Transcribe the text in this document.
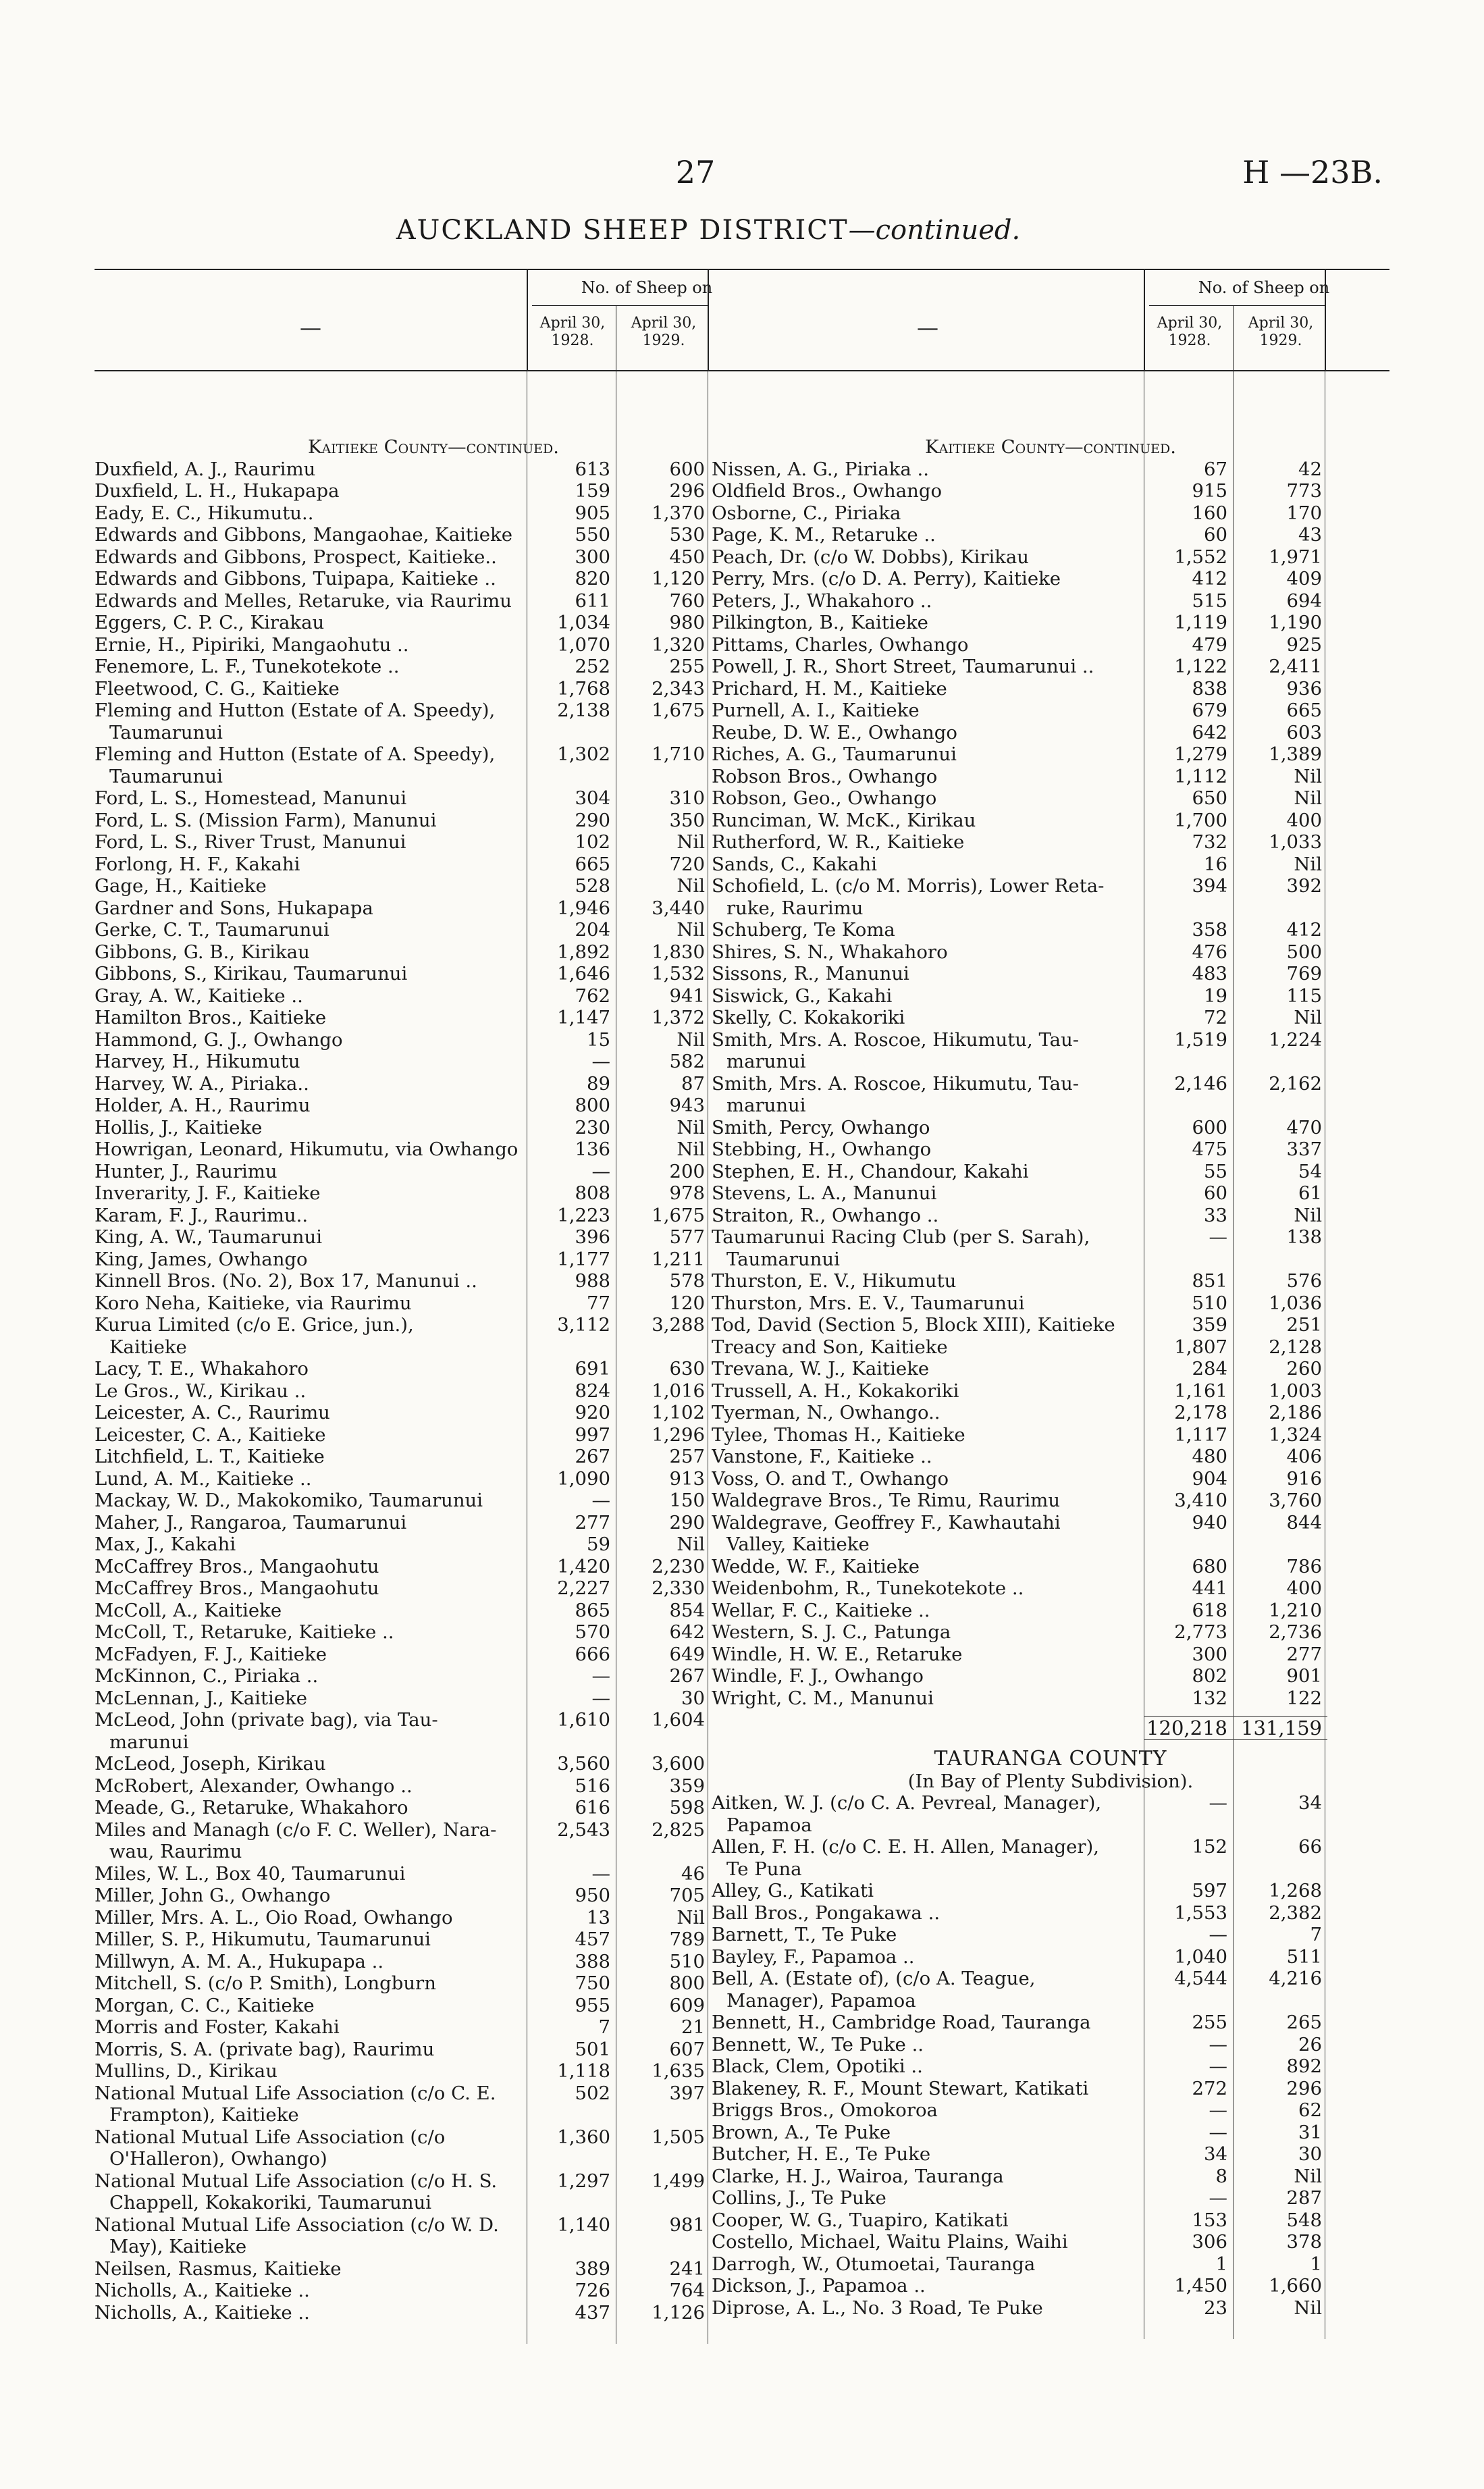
27	H —23B.
AUCKLAND SHEEP DISTRICT—continued.
—
No. of Sheep on
April 30, 1928.
April 30, 1929.
Kaitieke County—continued.
Duxfield, A. J., Raurimu	613	600
Duxfield, L. H., Hukapapa	159	296
Eady, E. C., Hikumutu..	905	1,370
Edwards and Gibbons, Mangaohae, Kaitieke	550	530
Edwards and Gibbons, Prospect, Kaitieke..	300	450
Edwards and Gibbons, Tuipapa, Kaitieke ..	820	1,120
Edwards and Melles, Retaruke, via Raurimu	611	760
Eggers, C. P. C., Kirakau	1,034	980
Ernie, H., Pipiriki, Mangaohutu ..	1,070	1,320
Fenemore, L. F., Tunekotekote ..	252	255
Fleetwood, C. G., Kaitieke	1,768	2,343
Fleming and Hutton (Estate of A. Speedy),	2,138	1,675
Taumarunui
Fleming and Hutton (Estate of A. Speedy),	1,302	1,710
Taumarunui
Ford, L. S., Homestead, Manunui	304	310
Ford, L. S. (Mission Farm), Manunui	290	350
Ford, L. S., River Trust, Manunui	102	Nil
Forlong, H. F., Kakahi	665	720
Gage, H., Kaitieke	528	Nil
Gardner and Sons, Hukapapa	1,946	3,440
Gerke, C. T., Taumarunui	204	Nil
Gibbons, G. B., Kirikau	1,892	1,830
Gibbons, S., Kirikau, Taumarunui	1,646	1,532
Gray, A. W., Kaitieke ..	762	941
Hamilton Bros., Kaitieke	1,147	1,372
Hammond, G. J., Owhango	15	Nil
Harvey, H., Hikumutu	—	582
Harvey, W. A., Piriaka..	89	87
Holder, A. H., Raurimu	800	943
Hollis, J., Kaitieke	230	Nil
Howrigan, Leonard, Hikumutu, via Owhango	136	Nil
Hunter, J., Raurimu	—	200
Inverarity, J. F., Kaitieke	808	978
Karam, F. J., Raurimu..	1,223	1,675
King, A. W., Taumarunui	396	577
King, James, Owhango	1,177	1,211
Kinnell Bros. (No. 2), Box 17, Manunui ..	988	578
Koro Neha, Kaitieke, via Raurimu	77	120
Kurua Limited (c/o E. Grice, jun.),	3,112	3,288
Kaitieke
Lacy, T. E., Whakahoro	691	630
Le Gros., W., Kirikau ..	824	1,016
Leicester, A. C., Raurimu	920	1,102
Leicester, C. A., Kaitieke	997	1,296
Litchfield, L. T., Kaitieke	267	257
Lund, A. M., Kaitieke ..	1,090	913
Mackay, W. D., Makokomiko, Taumarunui	—	150
Maher, J., Rangaroa, Taumarunui	277	290
Max, J., Kakahi	59	Nil
McCaffrey Bros., Mangaohutu	1,420	2,230
McCaffrey Bros., Mangaohutu	2,227	2,330
McColl, A., Kaitieke	865	854
McColl, T., Retaruke, Kaitieke ..	570	642
McFadyen, F. J., Kaitieke	666	649
McKinnon, C., Piriaka ..	—	267
McLennan, J., Kaitieke	—	30
McLeod, John (private bag), via Tau-	1,610	1,604
marunui
McLeod, Joseph, Kirikau	3,560	3,600
McRobert, Alexander, Owhango ..	516	359
Meade, G., Retaruke, Whakahoro	616	598
Miles and Managh (c/o F. C. Weller), Nara-	2,543	2,825
wau, Raurimu
Miles, W. L., Box 40, Taumarunui	—	46
Miller, John G., Owhango	950	705
Miller, Mrs. A. L., Oio Road, Owhango	13	Nil
Miller, S. P., Hikumutu, Taumarunui	457	789
Millwyn, A. M. A., Hukupapa ..	388	510
Mitchell, S. (c/o P. Smith), Longburn	750	800
Morgan, C. C., Kaitieke	955	609
Morris and Foster, Kakahi	7	21
Morris, S. A. (private bag), Raurimu	501	607
Mullins, D., Kirikau	1,118	1,635
National Mutual Life Association (c/o C. E.	502	397
Frampton), Kaitieke
National Mutual Life Association (c/o	1,360	1,505
O'Halleron), Owhango)
National Mutual Life Association (c/o H. S.	1,297	1,499
Chappell, Kokakoriki, Taumarunui
National Mutual Life Association (c/o W. D.	1,140	981
May), Kaitieke
Neilsen, Rasmus, Kaitieke	389	241
Nicholls, A., Kaitieke ..	726	764
Nicholls, A., Kaitieke ..	437	1,126
—
No. of Sheep on
April 30, 1928.
April 30, 1929.
Kaitieke County—continued.
Nissen, A. G., Piriaka ..	67	42
Oldfield Bros., Owhango	915	773
Osborne, C., Piriaka	160	170
Page, K. M., Retaruke ..	60	43
Peach, Dr. (c/o W. Dobbs), Kirikau	1,552	1,971
Perry, Mrs. (c/o D. A. Perry), Kaitieke	412	409
Peters, J., Whakahoro ..	515	694
Pilkington, B., Kaitieke	1,119	1,190
Pittams, Charles, Owhango	479	925
Powell, J. R., Short Street, Taumarunui ..	1,122	2,411
Prichard, H. M., Kaitieke	838	936
Purnell, A. I., Kaitieke	679	665
Reube, D. W. E., Owhango	642	603
Riches, A. G., Taumarunui	1,279	1,389
Robson Bros., Owhango	1,112	Nil
Robson, Geo., Owhango	650	Nil
Runciman, W. McK., Kirikau	1,700	400
Rutherford, W. R., Kaitieke	732	1,033
Sands, C., Kakahi	16	Nil
Schofield, L. (c/o M. Morris), Lower Reta-	394	392
ruke, Raurimu
Schuberg, Te Koma	358	412
Shires, S. N., Whakahoro	476	500
Sissons, R., Manunui	483	769
Siswick, G., Kakahi	19	115
Skelly, C. Kokakoriki	72	Nil
Smith, Mrs. A. Roscoe, Hikumutu, Tau-	1,519	1,224
marunui
Smith, Mrs. A. Roscoe, Hikumutu, Tau-	2,146	2,162
marunui
Smith, Percy, Owhango	600	470
Stebbing, H., Owhango	475	337
Stephen, E. H., Chandour, Kakahi	55	54
Stevens, L. A., Manunui	60	61
Straiton, R., Owhango ..	33	Nil
Taumarunui Racing Club (per S. Sarah),	—	138
Taumarunui
Thurston, E. V., Hikumutu	851	576
Thurston, Mrs. E. V., Taumarunui	510	1,036
Tod, David (Section 5, Block XIII), Kaitieke	359	251
Treacy and Son, Kaitieke	1,807	2,128
Trevana, W. J., Kaitieke	284	260
Trussell, A. H., Kokakoriki	1,161	1,003
Tyerman, N., Owhango..	2,178	2,186
Tylee, Thomas H., Kaitieke	1,117	1,324
Vanstone, F., Kaitieke ..	480	406
Voss, O. and T., Owhango	904	916
Waldegrave Bros., Te Rimu, Raurimu	3,410	3,760
Waldegrave, Geoffrey F., Kawhautahi	940	844
Valley, Kaitieke
Wedde, W. F., Kaitieke	680	786
Weidenbohm, R., Tunekotekote ..	441	400
Wellar, F. C., Kaitieke ..	618	1,210
Western, S. J. C., Patunga	2,773	2,736
Windle, H. W. E., Retaruke	300	277
Windle, F. J., Owhango	802	901
Wright, C. M., Manunui	132	122
120,218 131,159
TAURANGA COUNTY
(In Bay of Plenty Subdivision).
Aitken, W. J. (c/o C. A. Pevreal, Manager),	—	34
Papamoa
Allen, F. H. (c/o C. E. H. Allen, Manager),	152	66
Te Puna
Alley, G., Katikati	597	1,268
Ball Bros., Pongakawa ..	1,553	2,382
Barnett, T., Te Puke	—	7
Bayley, F., Papamoa ..	1,040	511
Bell, A. (Estate of), (c/o A. Teague,	4,544	4,216
Manager), Papamoa
Bennett, H., Cambridge Road, Tauranga	255	265
Bennett, W., Te Puke ..	—	26
Black, Clem, Opotiki ..	—	892
Blakeney, R. F., Mount Stewart, Katikati	272	296
Briggs Bros., Omokoroa	—	62
Brown, A., Te Puke	—	31
Butcher, H. E., Te Puke	34	30
Clarke, H. J., Wairoa, Tauranga	8	Nil
Collins, J., Te Puke	—	287
Cooper, W. G., Tuapiro, Katikati	153	548
Costello, Michael, Waitu Plains, Waihi	306	378
Darrogh, W., Otumoetai, Tauranga	1	1
Dickson, J., Papamoa ..	1,450	1,660
Diprose, A. L., No. 3 Road, Te Puke	23	Nil
